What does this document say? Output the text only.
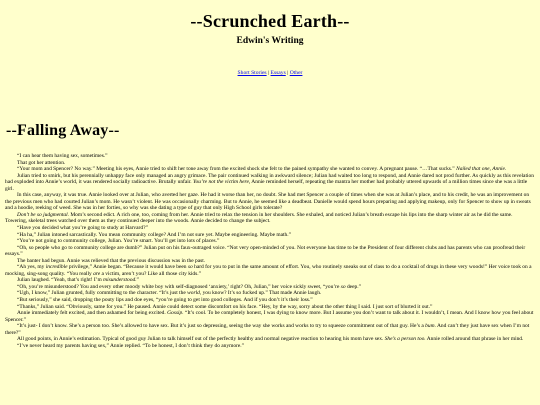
--Scrunched Earth--
Edwin's Writing
Short Stories | Essays | Other
--Falling Away--

“I can hear them having sex, sometimes.”

That got her attention.

“Your mom and Spencer? No way.” Meeting his eyes, Annie tried to shift her tone away from the excited shock she felt to the pained sympathy she wanted to convey. A pregnant pause. “…That sucks.” Nailed that one, Annie.

Julian tried to smirk, but his perennially unhappy face only managed an angry grimace. The pair continued walking in awkward silence; Julian had waited too long to respond, and Annie dared not prod further. As quickly as this revelation had exploded into Annie’s world, it was rendered socially radioactive. Brutally unfair. You’re not the victim here, Annie reminded herself, repeating the mantra her mother had probably uttered upwards of a million times since she was a little girl.

In this case, anyway, it was true. Annie looked over at Julian, who averted her gaze. He had it worse than her, no doubt. She had met Spencer a couple of times when she was at Julian’s place, and to his credit, he was an improvement on the previous men who had courted Julian’s mom. He wasn’t violent. He was occasionally charming. But to Annie, he seemed like a deadbeat. Danielle would spend hours preparing and applying makeup, only for Spencer to show up in sweats and a hoodie, reeking of weed. She was in her forties, so why was she dating a type of guy that only High School girls tolerate?

Don’t be so judgmental. Mom’s second edict. A rich one, too, coming from her. Annie tried to relax the tension in her shoulders. She exhaled, and noticed Julian’s breath escape his lips into the sharp winter air as he did the same. Towering, skeletal trees watched over them as they continued deeper into the woods. Annie decided to change the subject.

“Have you decided what you’re going to study at Harvard?”

“Ha ha,” Julian intoned sarcastically. You mean community college? And I’m not sure yet. Maybe engineering. Maybe math.”

“You’re not going to community college, Julian. You’re smart. You’ll get into lots of places.”

“Oh, so people who go to community college are dumb?” Julian put on his faux-outraged voice. “Not very open-minded of you. Not everyone has time to be the President of four different clubs and has parents who can proofread their essays.”

The banter had begun. Annie was relieved that the previous discussion was in the past.

“Ah yes, my incredible privilege,” Annie began. “Because it would have been so hard for you to put in the same amount of effort. You, who routinely sneaks out of class to do a cocktail of drugs in these very woods!” Her voice took on a mocking, sing-song quality. “You really are a victim, aren’t you? Like all those city kids.”

Julian laughed. “Yeah, that’s right! I’m misunderstood.”

“Oh, you’re misunderstood? You and every other moody white boy with self-diagnosed ‘anxiety,’ right? Oh, Julian,” her voice sickly sweet, “you’re so deep.”

“Ugh, I know,” Julian grunted, fully committing to the character. “It’s just the world, you know? It’s so fucked up.” That made Annie laugh.

“But seriously,” she said, dropping the pouty lips and doe eyes, “you’re going to get into good colleges. And if you don’t it’s their loss.”

“Thanks,” Julian said. “Obviously, same for you.” He paused. Annie could detect some discomfort on his face. “Hey, by the way, sorry about the other thing I said. I just sort of blurted it out.”

Annie immediately felt excited, and then ashamed for being excited. Gossip. “It’s cool. To be completely honest, I was dying to know more. But I assume you don’t want to talk about it. I wouldn’t, I mean. And I know how you feel about Spencer.”

“It’s just- I don’t know. She’s a person too. She’s allowed to have sex. But it’s just so depressing, seeing the way she works and works to try to squeeze commitment out of that guy. He’s a bum. And can’t they just have sex when I’m not there?”

All good points, in Annie’s estimation. Typical of good guy Julian to talk himself out of the perfectly healthy and normal negative reaction to hearing his mom have sex. She’s a person too. Annie rolled around that phrase in her mind.

“I’ve never heard my parents having sex,” Annie replied. “To be honest, I don’t think they do anymore.”
